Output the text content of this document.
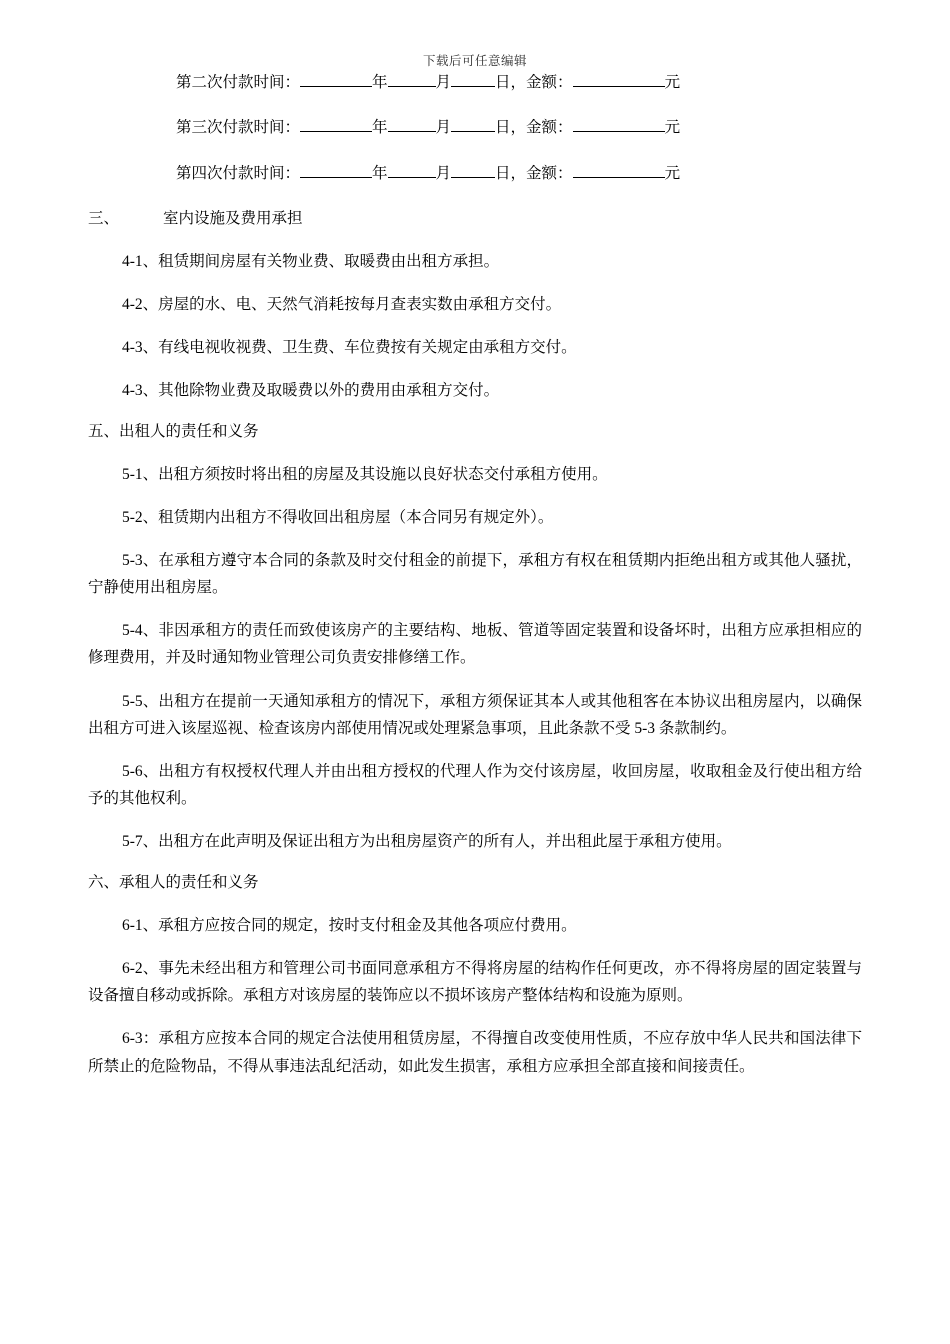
下载后可任意编辑
第二次付款时间：	年	月	日，金额：	元
第三次付款时间：	年	月	日，金额：	元
第四次付款时间：	年	月	日，金额：	元
三、	室内设施及费用承担

4-1、租赁期间房屋有关物业费、取暖费由出租方承担。

4-2、房屋的水、电、天然气消耗按每月查表实数由承租方交付。

4-3、有线电视收视费、卫生费、车位费按有关规定由承租方交付。

4-3、其他除物业费及取暖费以外的费用由承租方交付。

五、出租人的责任和义务

5-1、出租方须按时将出租的房屋及其设施以良好状态交付承租方使用。

5-2、租赁期内出租方不得收回出租房屋（本合同另有规定外）。

5-3、在承租方遵守本合同的条款及时交付租金的前提下，承租方有权在租赁期内拒绝出租方或其他人骚扰，宁静使用出租房屋。

5-4、非因承租方的责任而致使该房产的主要结构、地板、管道等固定装置和设备坏时，出租方应承担相应的修理费用，并及时通知物业管理公司负责安排修缮工作。

5-5、出租方在提前一天通知承租方的情况下，承租方须保证其本人或其他租客在本协议出租房屋内，以确保出租方可进入该屋巡视、检查该房内部使用情况或处理紧急事项，且此条款不受 5-3 条款制约。

5-6、出租方有权授权代理人并由出租方授权的代理人作为交付该房屋，收回房屋，收取租金及行使出租方给予的其他权利。

5-7、出租方在此声明及保证出租方为出租房屋资产的所有人，并出租此屋于承租方使用。

六、承租人的责任和义务

6-1、承租方应按合同的规定，按时支付租金及其他各项应付费用。

6-2、事先未经出租方和管理公司书面同意承租方不得将房屋的结构作任何更改，亦不得将房屋的固定装置与设备擅自移动或拆除。承租方对该房屋的装饰应以不损坏该房产整体结构和设施为原则。

6-3：承租方应按本合同的规定合法使用租赁房屋，不得擅自改变使用性质，不应存放中华人民共和国法律下所禁止的危险物品，不得从事违法乱纪活动，如此发生损害，承租方应承担全部直接和间接责任。
